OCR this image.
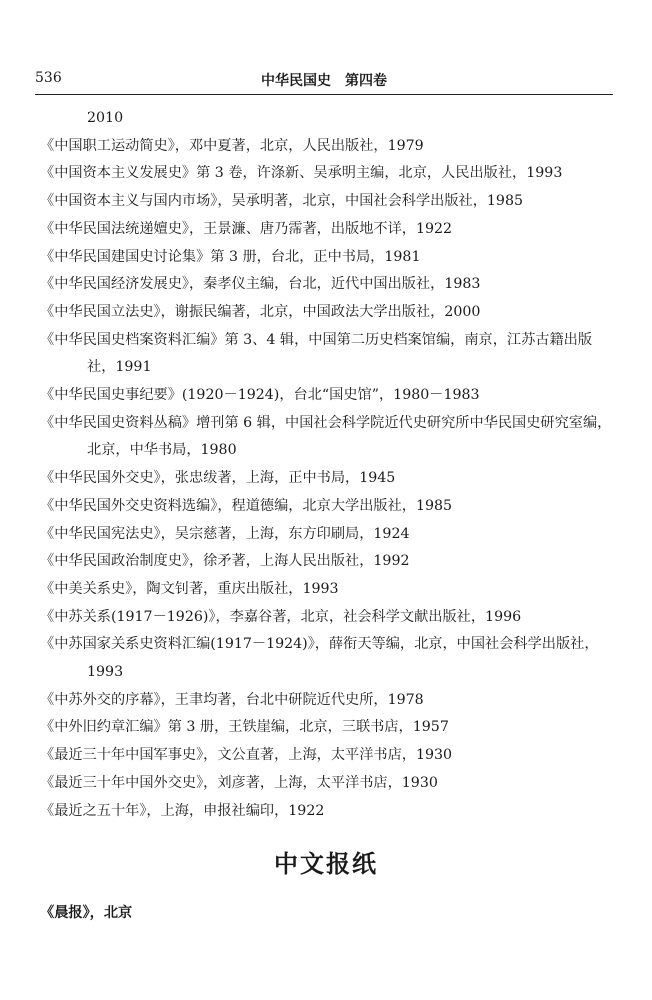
536	中华民国史　第四卷

2010

《中国职工运动简史》，邓中夏著，北京，人民出版社，1979

《中国资本主义发展史》第 3 卷，许涤新、吴承明主编，北京，人民出版社，1993

《中国资本主义与国内市场》，吴承明著，北京，中国社会科学出版社，1985

《中华民国法统递嬗史》，王景濂、唐乃霈著，出版地不详，1922

《中华民国建国史讨论集》第 3 册，台北，正中书局，1981

《中华民国经济发展史》，秦孝仪主编，台北，近代中国出版社，1983

《中华民国立法史》，谢振民编著，北京，中国政法大学出版社，2000

《中华民国史档案资料汇编》第 3、4 辑，中国第二历史档案馆编，南京，江苏古籍出版社，1991

《中华民国史事纪要》(1920－1924)，台北“国史馆”，1980－1983

《中华民国史资料丛稿》增刊第 6 辑，中国社会科学院近代史研究所中华民国史研究室编，北京，中华书局，1980

《中华民国外交史》，张忠绂著，上海，正中书局，1945

《中华民国外交史资料选编》，程道德编，北京大学出版社，1985

《中华民国宪法史》，吴宗慈著，上海，东方印刷局，1924

《中华民国政治制度史》，徐矛著，上海人民出版社，1992

《中美关系史》，陶文钊著，重庆出版社，1993

《中苏关系(1917－1926)》，李嘉谷著，北京，社会科学文献出版社，1996

《中苏国家关系史资料汇编(1917－1924)》，薛衔天等编，北京，中国社会科学出版社，1993

《中苏外交的序幕》，王聿均著，台北中研院近代史所，1978

《中外旧约章汇编》第 3 册，王铁崖编，北京，三联书店，1957

《最近三十年中国军事史》，文公直著，上海，太平洋书店，1930

《最近三十年中国外交史》，刘彦著，上海，太平洋书店，1930

《最近之五十年》，上海，申报社编印，1922

中文报纸
《晨报》，北京
